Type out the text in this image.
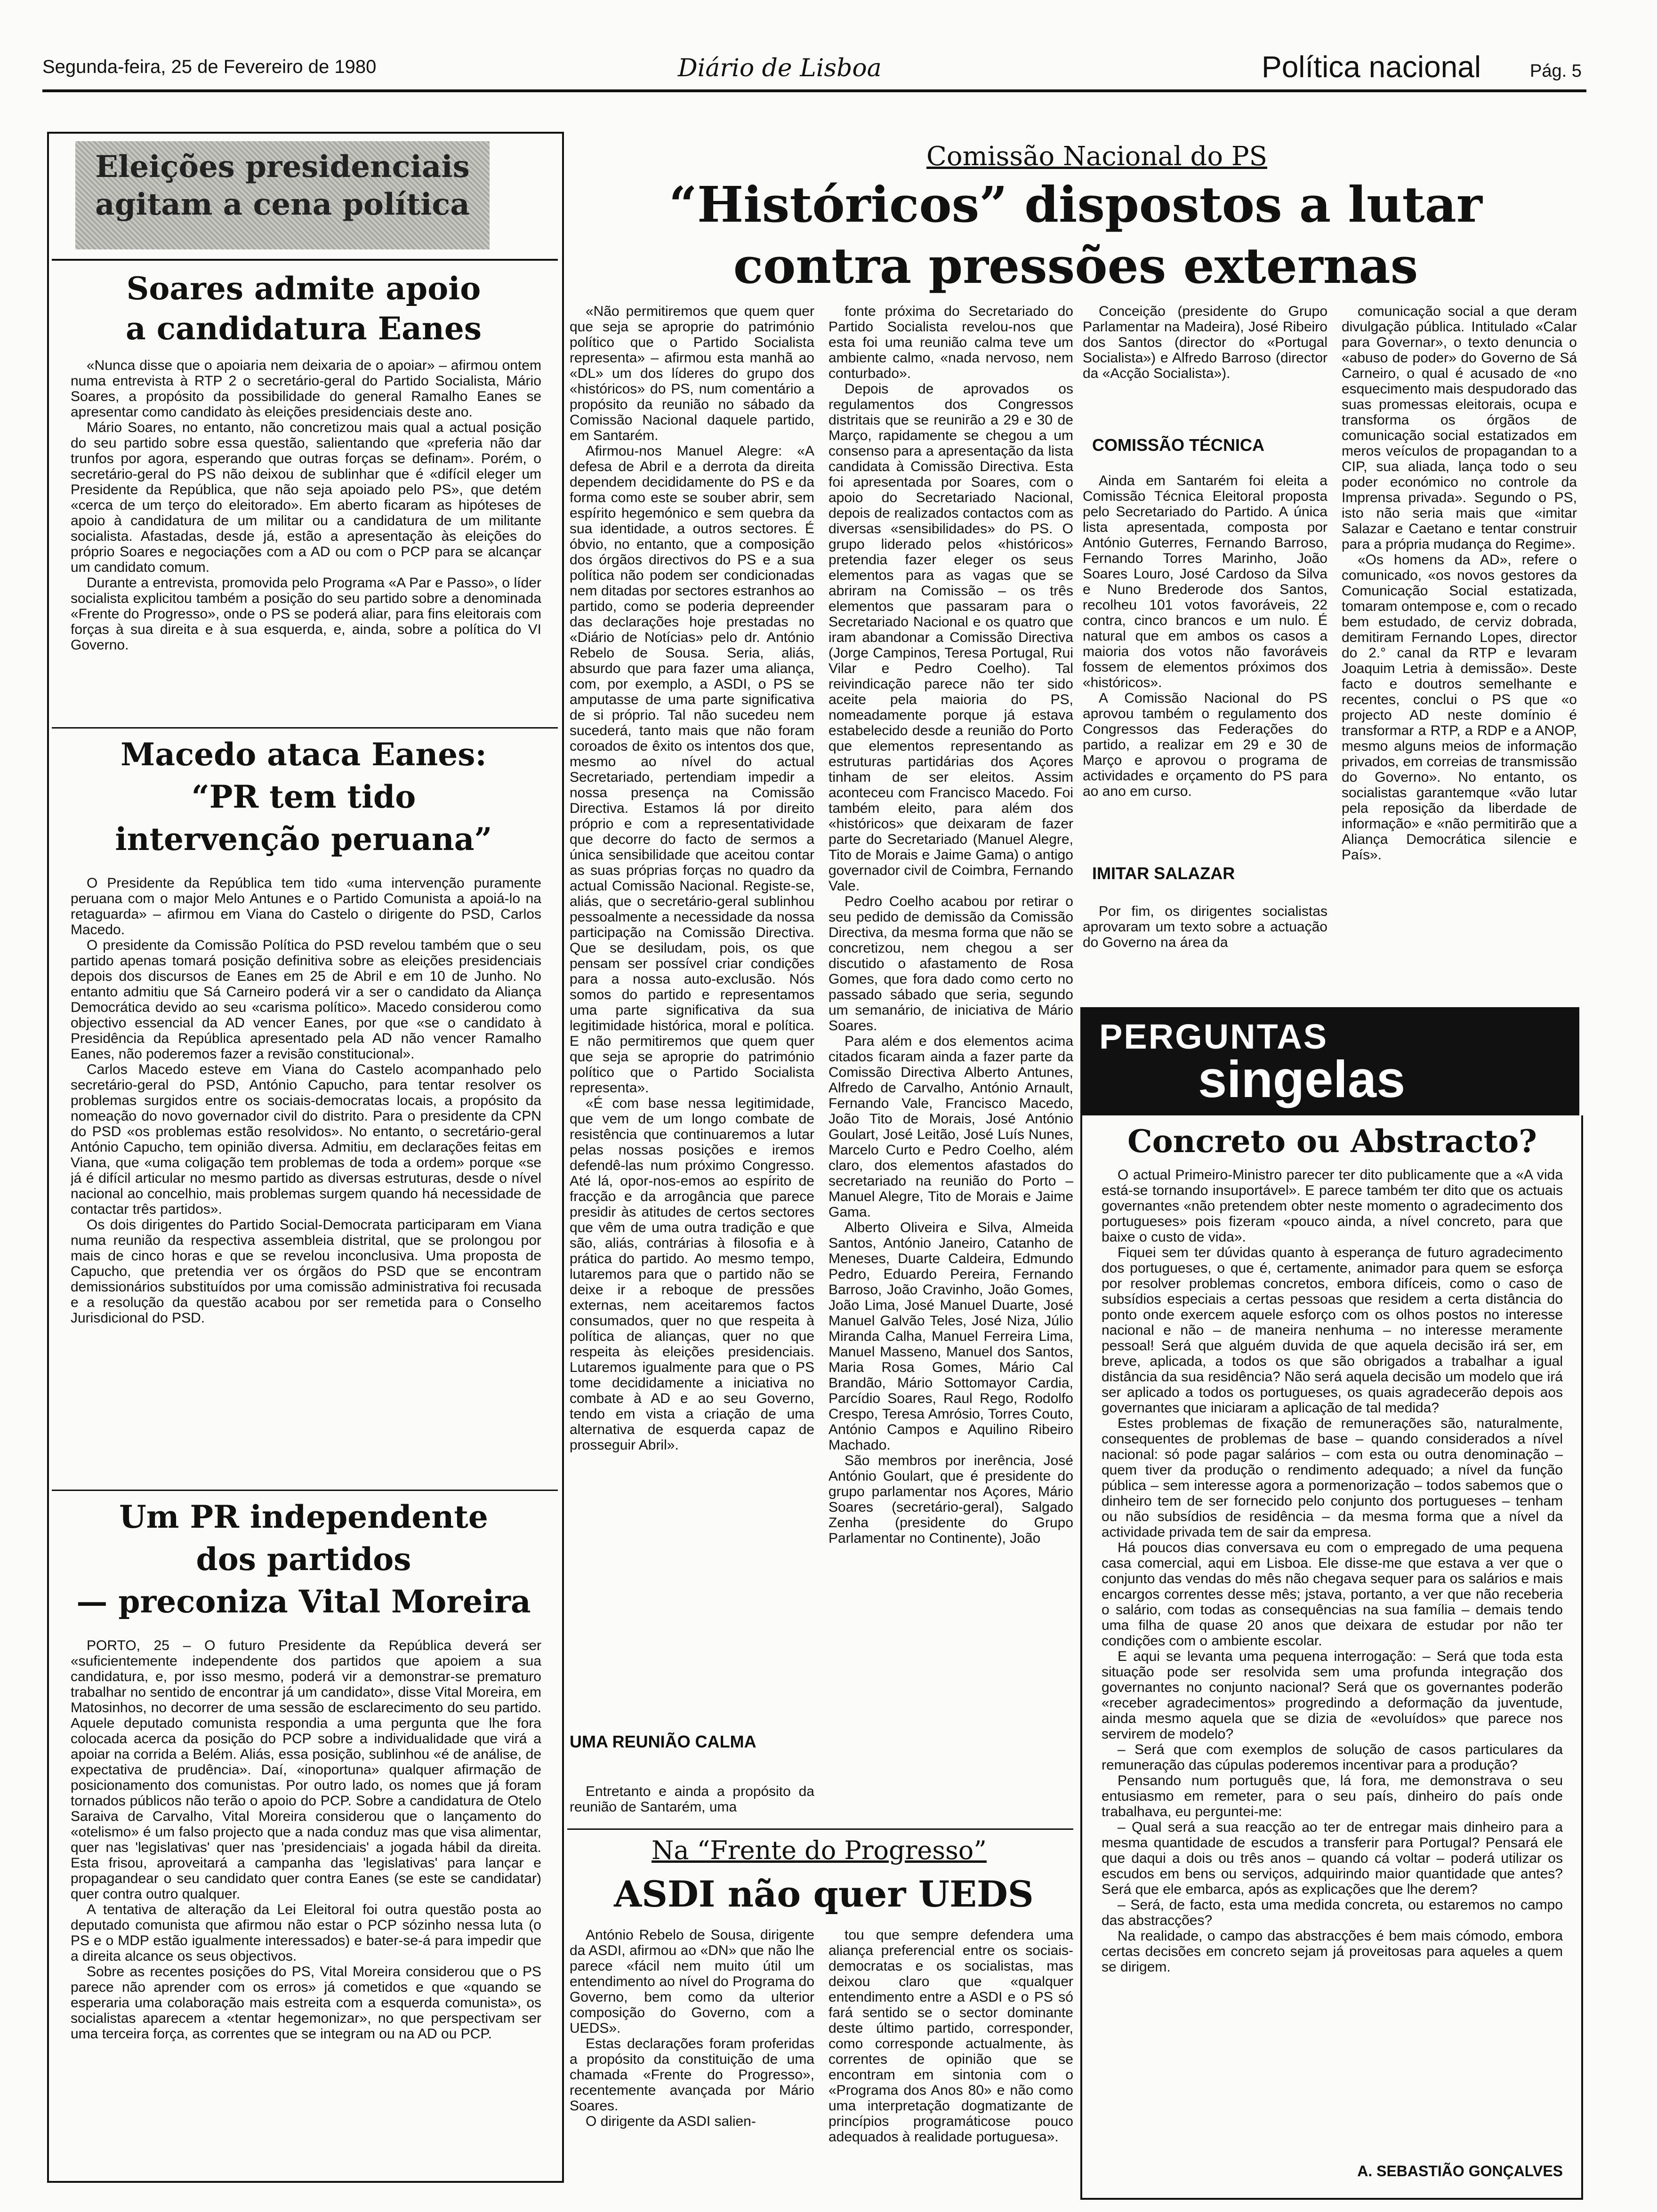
Segunda-feira, 25 de Fevereiro de 1980	Diário de Lisboa	Política nacional	Pág. 5
Eleições presidenciais agitam a cena política
Soares admite apoio
a candidatura Eanes

«Nunca disse que o apoiaria nem deixaria de o apoiar» – afirmou ontem numa entrevista à RTP 2 o secretário-geral do Partido Socialista, Mário Soares, a propósito da possibilidade do general Ramalho Eanes se apresentar como candidato às eleições presidenciais deste ano.

Mário Soares, no entanto, não concretizou mais qual a actual posição do seu partido sobre essa questão, salientando que «preferia não dar trunfos por agora, esperando que outras forças se definam». Porém, o secretário-geral do PS não deixou de sublinhar que é «difícil eleger um Presidente da República, que não seja apoiado pelo PS», que detém «cerca de um terço do eleitorado». Em aberto ficaram as hipóteses de apoio à candidatura de um militar ou a candidatura de um militante socialista. Afastadas, desde já, estão a apresentação às eleições do próprio Soares e negociações com a AD ou com o PCP para se alcançar um candidato comum.

Durante a entrevista, promovida pelo Programa «A Par e Passo», o líder socialista explicitou também a posição do seu partido sobre a denominada «Frente do Progresso», onde o PS se poderá aliar, para fins eleitorais com forças à sua direita e à sua esquerda, e, ainda, sobre a política do VI Governo.

Macedo ataca Eanes:
“PR tem tido
intervenção peruana”

O Presidente da República tem tido «uma intervenção puramente peruana com o major Melo Antunes e o Partido Comunista a apoiá-lo na retaguarda» – afirmou em Viana do Castelo o dirigente do PSD, Carlos Macedo.

O presidente da Comissão Política do PSD revelou também que o seu partido apenas tomará posição definitiva sobre as eleições presidenciais depois dos discursos de Eanes em 25 de Abril e em 10 de Junho. No entanto admitiu que Sá Carneiro poderá vir a ser o candidato da Aliança Democrática devido ao seu «carisma político». Macedo considerou como objectivo essencial da AD vencer Eanes, por que «se o candidato à Presidência da República apresentado pela AD não vencer Ramalho Eanes, não poderemos fazer a revisão constitucional».

Carlos Macedo esteve em Viana do Castelo acompanhado pelo secretário-geral do PSD, António Capucho, para tentar resolver os problemas surgidos entre os sociais-democratas locais, a propósito da nomeação do novo governador civil do distrito. Para o presidente da CPN do PSD «os problemas estão resolvidos». No entanto, o secretário-geral António Capucho, tem opinião diversa. Admitiu, em declarações feitas em Viana, que «uma coligação tem problemas de toda a ordem» porque «se já é difícil articular no mesmo partido as diversas estruturas, desde o nível nacional ao concelhio, mais problemas surgem quando há necessidade de contactar três partidos».

Os dois dirigentes do Partido Social-Democrata participaram em Viana numa reunião da respectiva assembleia distrital, que se prolongou por mais de cinco horas e que se revelou inconclusiva. Uma proposta de Capucho, que pretendia ver os órgãos do PSD que se encontram demissionários substituídos por uma comissão administrativa foi recusada e a resolução da questão acabou por ser remetida para o Conselho Jurisdicional do PSD.

Um PR independente
dos partidos
— preconiza Vital Moreira

PORTO, 25 – O futuro Presidente da República deverá ser «suficientemente independente dos partidos que apoiem a sua candidatura, e, por isso mesmo, poderá vir a demonstrar-se prematuro trabalhar no sentido de encontrar já um candidato», disse Vital Moreira, em Matosinhos, no decorrer de uma sessão de esclarecimento do seu partido. Aquele deputado comunista respondia a uma pergunta que lhe fora colocada acerca da posição do PCP sobre a individualidade que virá a apoiar na corrida a Belém. Aliás, essa posição, sublinhou «é de análise, de expectativa de prudência». Daí, «inoportuna» qualquer afirmação de posicionamento dos comunistas. Por outro lado, os nomes que já foram tornados públicos não terão o apoio do PCP. Sobre a candidatura de Otelo Saraiva de Carvalho, Vital Moreira considerou que o lançamento do «otelismo» é um falso projecto que a nada conduz mas que visa alimentar, quer nas 'legislativas' quer nas 'presidenciais' a jogada hábil da direita. Esta frisou, aproveitará a campanha das 'legislativas' para lançar e propagandear o seu candidato quer contra Eanes (se este se candidatar) quer contra outro qualquer.

A tentativa de alteração da Lei Eleitoral foi outra questão posta ao deputado comunista que afirmou não estar o PCP sózinho nessa luta (o PS e o MDP estão igualmente interessados) e bater-se-á para impedir que a direita alcance os seus objectivos.

Sobre as recentes posições do PS, Vital Moreira considerou que o PS parece não aprender com os erros» já cometidos e que «quando se esperaria uma colaboração mais estreita com a esquerda comunista», os socialistas aparecem a «tentar hegemonizar», no que perspectivam ser uma terceira força, as correntes que se integram ou na AD ou PCP.

Comissão Nacional do PS
“Históricos” dispostos a lutar
contra pressões externas

«Não permitiremos que quem quer que seja se aproprie do património político que o Partido Socialista representa» – afirmou esta manhã ao «DL» um dos líderes do grupo dos «históricos» do PS, num comentário a propósito da reunião no sábado da Comissão Nacional daquele partido, em Santarém.

Afirmou-nos Manuel Alegre: «A defesa de Abril e a derrota da direita dependem decididamente do PS e da forma como este se souber abrir, sem espírito hegemónico e sem quebra da sua identidade, a outros sectores. É óbvio, no entanto, que a composição dos órgãos directivos do PS e a sua política não podem ser condicionadas nem ditadas por sectores estranhos ao partido, como se poderia depreender das declarações hoje prestadas no «Diário de Notícias» pelo dr. António Rebelo de Sousa. Seria, aliás, absurdo que para fazer uma aliança, com, por exemplo, a ASDI, o PS se amputasse de uma parte significativa de si próprio. Tal não sucedeu nem sucederá, tanto mais que não foram coroados de êxito os intentos dos que, mesmo ao nível do actual Secretariado, pertendiam impedir a nossa presença na Comissão Directiva. Estamos lá por direito próprio e com a representatividade que decorre do facto de sermos a única sensibilidade que aceitou contar as suas próprias forças no quadro da actual Comissão Nacional. Registe-se, aliás, que o secretário-geral sublinhou pessoalmente a necessidade da nossa participação na Comissão Directiva. Que se desiludam, pois, os que pensam ser possível criar condições para a nossa auto-exclusão. Nós somos do partido e representamos uma parte significativa da sua legitimidade histórica, moral e política. E não permitiremos que quem quer que seja se aproprie do património político que o Partido Socialista representa».

«É com base nessa legitimidade, que vem de um longo combate de resistência que continuaremos a lutar pelas nossas posições e iremos defendê-las num próximo Congresso. Até lá, opor-nos-emos ao espírito de fracção e da arrogância que parece presidir às atitudes de certos sectores que vêm de uma outra tradição e que são, aliás, contrárias à filosofia e à prática do partido. Ao mesmo tempo, lutaremos para que o partido não se deixe ir a reboque de pressões externas, nem aceitaremos factos consumados, quer no que respeita à política de alianças, quer no que respeita às eleições presidenciais. Lutaremos igualmente para que o PS tome decididamente a iniciativa no combate à AD e ao seu Governo, tendo em vista a criação de uma alternativa de esquerda capaz de prosseguir Abril».

UMA REUNIÃO CALMA

Entretanto e ainda a propósito da reunião de Santarém, uma

fonte próxima do Secretariado do Partido Socialista revelou-nos que esta foi uma reunião calma teve um ambiente calmo, «nada nervoso, nem conturbado».

Depois de aprovados os regulamentos dos Congressos distritais que se reunirão a 29 e 30 de Março, rapidamente se chegou a um consenso para a apresentação da lista candidata à Comissão Directiva. Esta foi apresentada por Soares, com o apoio do Secretariado Nacional, depois de realizados contactos com as diversas «sensibilidades» do PS. O grupo liderado pelos «históricos» pretendia fazer eleger os seus elementos para as vagas que se abriram na Comissão – os três elementos que passaram para o Secretariado Nacional e os quatro que iram abandonar a Comissão Directiva (Jorge Campinos, Teresa Portugal, Rui Vilar e Pedro Coelho). Tal reivindicação parece não ter sido aceite pela maioria do PS, nomeadamente porque já estava estabelecido desde a reunião do Porto que elementos representando as estruturas partidárias dos Açores tinham de ser eleitos. Assim aconteceu com Francisco Macedo. Foi também eleito, para além dos «históricos» que deixaram de fazer parte do Secretariado (Manuel Alegre, Tito de Morais e Jaime Gama) o antigo governador civil de Coimbra, Fernando Vale.

Pedro Coelho acabou por retirar o seu pedido de demissão da Comissão Directiva, da mesma forma que não se concretizou, nem chegou a ser discutido o afastamento de Rosa Gomes, que fora dado como certo no passado sábado que seria, segundo um semanário, de iniciativa de Mário Soares.

Para além e dos elementos acima citados ficaram ainda a fazer parte da Comissão Directiva Alberto Antunes, Alfredo de Carvalho, António Arnault, Fernando Vale, Francisco Macedo, João Tito de Morais, José António Goulart, José Leitão, José Luís Nunes, Marcelo Curto e Pedro Coelho, além claro, dos elementos afastados do secretariado na reunião do Porto – Manuel Alegre, Tito de Morais e Jaime Gama.

Alberto Oliveira e Silva, Almeida Santos, António Janeiro, Catanho de Meneses, Duarte Caldeira, Edmundo Pedro, Eduardo Pereira, Fernando Barroso, João Cravinho, João Gomes, João Lima, José Manuel Duarte, José Manuel Galvão Teles, José Niza, Júlio Miranda Calha, Manuel Ferreira Lima, Manuel Masseno, Manuel dos Santos, Maria Rosa Gomes, Mário Cal Brandão, Mário Sottomayor Cardia, Parcídio Soares, Raul Rego, Rodolfo Crespo, Teresa Amrósio, Torres Couto, António Campos e Aquilino Ribeiro Machado.

São membros por inerência, José António Goulart, que é presidente do grupo parlamentar nos Açores, Mário Soares (secretário-geral), Salgado Zenha (presidente do Grupo Parlamentar no Continente), João

Conceição (presidente do Grupo Parlamentar na Madeira), José Ribeiro dos Santos (director do «Portugal Socialista») e Alfredo Barroso (director da «Acção Socialista»).

COMISSÃO TÉCNICA

Ainda em Santarém foi eleita a Comissão Técnica Eleitoral proposta pelo Secretariado do Partido. A única lista apresentada, composta por António Guterres, Fernando Barroso, Fernando Torres Marinho, João Soares Louro, José Cardoso da Silva e Nuno Brederode dos Santos, recolheu 101 votos favoráveis, 22 contra, cinco brancos e um nulo. É natural que em ambos os casos a maioria dos votos não favoráveis fossem de elementos próximos dos «históricos».

A Comissão Nacional do PS aprovou também o regulamento dos Congressos das Federações do partido, a realizar em 29 e 30 de Março e aprovou o programa de actividades e orçamento do PS para ao ano em curso.

IMITAR SALAZAR

Por fim, os dirigentes socialistas aprovaram um texto sobre a actuação do Governo na área da

comunicação social a que deram divulgação pública. Intitulado «Calar para Governar», o texto denuncia o «abuso de poder» do Governo de Sá Carneiro, o qual é acusado de «no esquecimento mais despudorado das suas promessas eleitorais, ocupa e transforma os órgãos de comunicação social estatizados em meros veículos de propagandan to a CIP, sua aliada, lança todo o seu poder económico no controle da Imprensa privada». Segundo o PS, isto não seria mais que «imitar Salazar e Caetano e tentar construir para a própria mudança do Regime».

«Os homens da AD», refere o comunicado, «os novos gestores da Comunicação Social estatizada, tomaram ontempose e, com o recado bem estudado, de cerviz dobrada, demitiram Fernando Lopes, director do 2.° canal da RTP e levaram Joaquim Letria à demissão». Deste facto e doutros semelhante e recentes, conclui o PS que «o projecto AD neste domínio é transformar a RTP, a RDP e a ANOP, mesmo alguns meios de informação privados, em correias de transmissão do Governo». No entanto, os socialistas garantemque «vão lutar pela reposição da liberdade de informação» e «não permitirão que a Aliança Democrática silencie e País».

Na “Frente do Progresso”
ASDI não quer UEDS

António Rebelo de Sousa, dirigente da ASDI, afirmou ao «DN» que não lhe parece «fácil nem muito útil um entendimento ao nível do Programa do Governo, bem como da ulterior composição do Governo, com a UEDS».

Estas declarações foram proferidas a propósito da constituição de uma chamada «Frente do Progresso», recentemente avançada por Mário Soares.

O dirigente da ASDI salien-

tou que sempre defendera uma aliança preferencial entre os sociais-democratas e os socialistas, mas deixou claro que «qualquer entendimento entre a ASDI e o PS só fará sentido se o sector dominante deste último partido, corresponder, como corresponde actualmente, às correntes de opinião que se encontram em sintonia com o «Programa dos Anos 80» e não como uma interpretação dogmatizante de princípios programáticose pouco adequados à realidade portuguesa».

PERGUNTAS
singelas
Concreto ou Abstracto?

O actual Primeiro-Ministro parecer ter dito publicamente que a «A vida está-se tornando insuportável». E parece também ter dito que os actuais governantes «não pretendem obter neste momento o agradecimento dos portugueses» pois fizeram «pouco ainda, a nível concreto, para que baixe o custo de vida».

Fiquei sem ter dúvidas quanto à esperança de futuro agradecimento dos portugueses, o que é, certamente, animador para quem se esforça por resolver problemas concretos, embora difíceis, como o caso de subsídios especiais a certas pessoas que residem a certa distância do ponto onde exercem aquele esforço com os olhos postos no interesse nacional e não – de maneira nenhuma – no interesse meramente pessoal! Será que alguém duvida de que aquela decisão irá ser, em breve, aplicada, a todos os que são obrigados a trabalhar a igual distância da sua residência? Não será aquela decisão um modelo que irá ser aplicado a todos os portugueses, os quais agradecerão depois aos governantes que iniciaram a aplicação de tal medida?

Estes problemas de fixação de remunerações são, naturalmente, consequentes de problemas de base – quando considerados a nível nacional: só pode pagar salários – com esta ou outra denominação – quem tiver da produção o rendimento adequado; a nível da função pública – sem interesse agora a pormenorização – todos sabemos que o dinheiro tem de ser fornecido pelo conjunto dos portugueses – tenham ou não subsídios de residência – da mesma forma que a nível da actividade privada tem de sair da empresa.

Há poucos dias conversava eu com o empregado de uma pequena casa comercial, aqui em Lisboa. Ele disse-me que estava a ver que o conjunto das vendas do mês não chegava sequer para os salários e mais encargos correntes desse mês; jstava, portanto, a ver que não receberia o salário, com todas as consequências na sua família – demais tendo uma filha de quase 20 anos que deixara de estudar por não ter condições com o ambiente escolar.

E aqui se levanta uma pequena interrogação: – Será que toda esta situação pode ser resolvida sem uma profunda integração dos governantes no conjunto nacional? Será que os governantes poderão «receber agradecimentos» progredindo a deformação da juventude, ainda mesmo aquela que se dizia de «evoluídos» que parece nos servirem de modelo?

– Será que com exemplos de solução de casos particulares da remuneração das cúpulas poderemos incentivar para a produção?

Pensando num português que, lá fora, me demonstrava o seu entusiasmo em remeter, para o seu país, dinheiro do país onde trabalhava, eu perguntei-me:

– Qual será a sua reacção ao ter de entregar mais dinheiro para a mesma quantidade de escudos a transferir para Portugal? Pensará ele que daqui a dois ou três anos – quando cá voltar – poderá utilizar os escudos em bens ou serviços, adquirindo maior quantidade que antes? Será que ele embarca, após as explicações que lhe derem?

– Será, de facto, esta uma medida concreta, ou estaremos no campo das abstracções?

Na realidade, o campo das abstracções é bem mais cómodo, embora certas decisões em concreto sejam já proveitosas para aqueles a quem se dirigem.

A. SEBASTIÃO GONÇALVES
